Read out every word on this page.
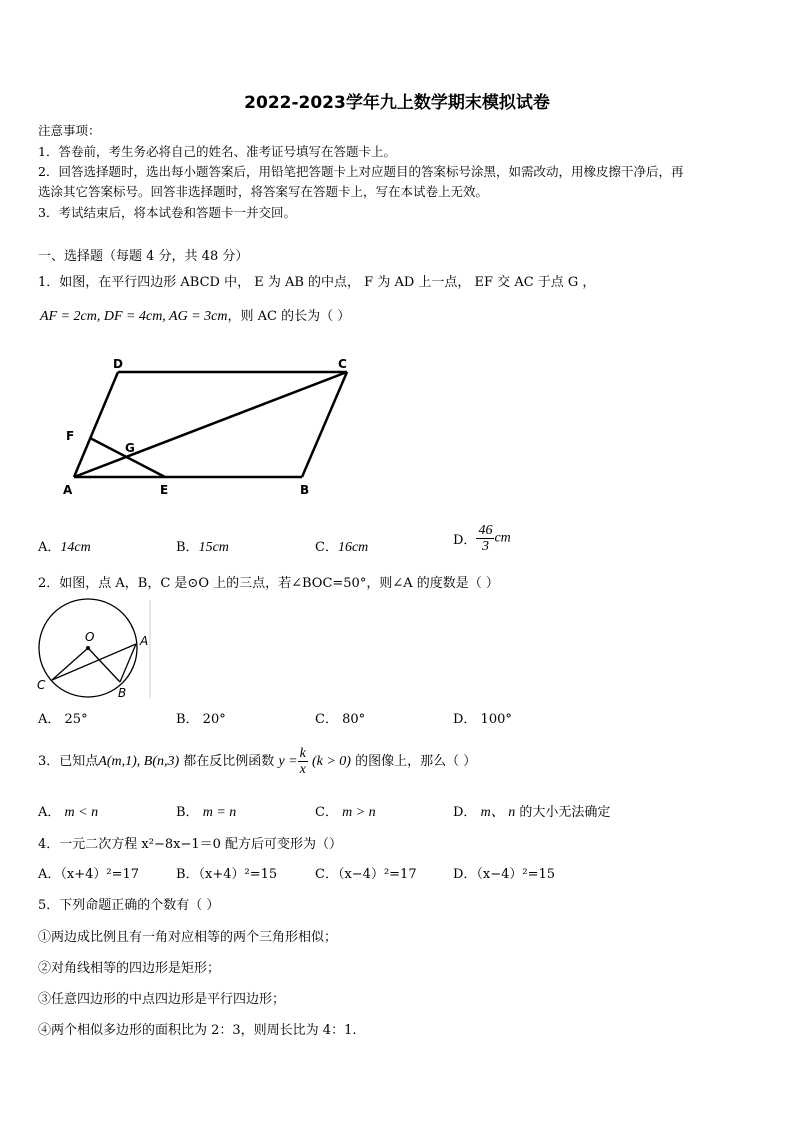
2022-2023学年九上数学期末模拟试卷
注意事项：
1．答卷前，考生务必将自己的姓名、准考证号填写在答题卡上。
2．回答选择题时，选出每小题答案后，用铅笔把答题卡上对应题目的答案标号涂黑，如需改动，用橡皮擦干净后，再
选涂其它答案标号。回答非选择题时，将答案写在答题卡上，写在本试卷上无效。
3．考试结束后，将本试卷和答题卡一并交回。
一、选择题（每题 4 分，共 48 分）
1．如图，在平行四边形 ABCD 中， E 为 AB 的中点， F 为 AD 上一点， EF 交 AC 于点 G ，
AF = 2cm, DF = 4cm, AG = 3cm，则 AC 的长为（ ）
D	C
F
G
A	E	B
A．14cm	B．15cm	C．16cm	D． $\frac{46}{3}$ cm
2．如图，点 A，B，C 是⊙O 上的三点，若∠BOC=50°，则∠A 的度数是（ ）
O	A
B
C
A． 25°	B． 20°	C． 80°	D． 100°
3．已知点A(m,1), B(n,3) 都在反比例函数 $y = \frac{k}{x} (k > 0)$ 的图像上，那么（ ）
A． m < n	B． m = n	C． m > n	D． m、 n 的大小无法确定
4．一元二次方程 x²−8x−1＝0 配方后可变形为（）
A．（x+4）²=17	B．（x+4）²=15	C．（x−4）²=17	D．（x−4）²=15
5．下列命题正确的个数有（ ）
①两边成比例且有一角对应相等的两个三角形相似；
②对角线相等的四边形是矩形；
③任意四边形的中点四边形是平行四边形；
④两个相似多边形的面积比为 2：3，则周长比为 4：1.
